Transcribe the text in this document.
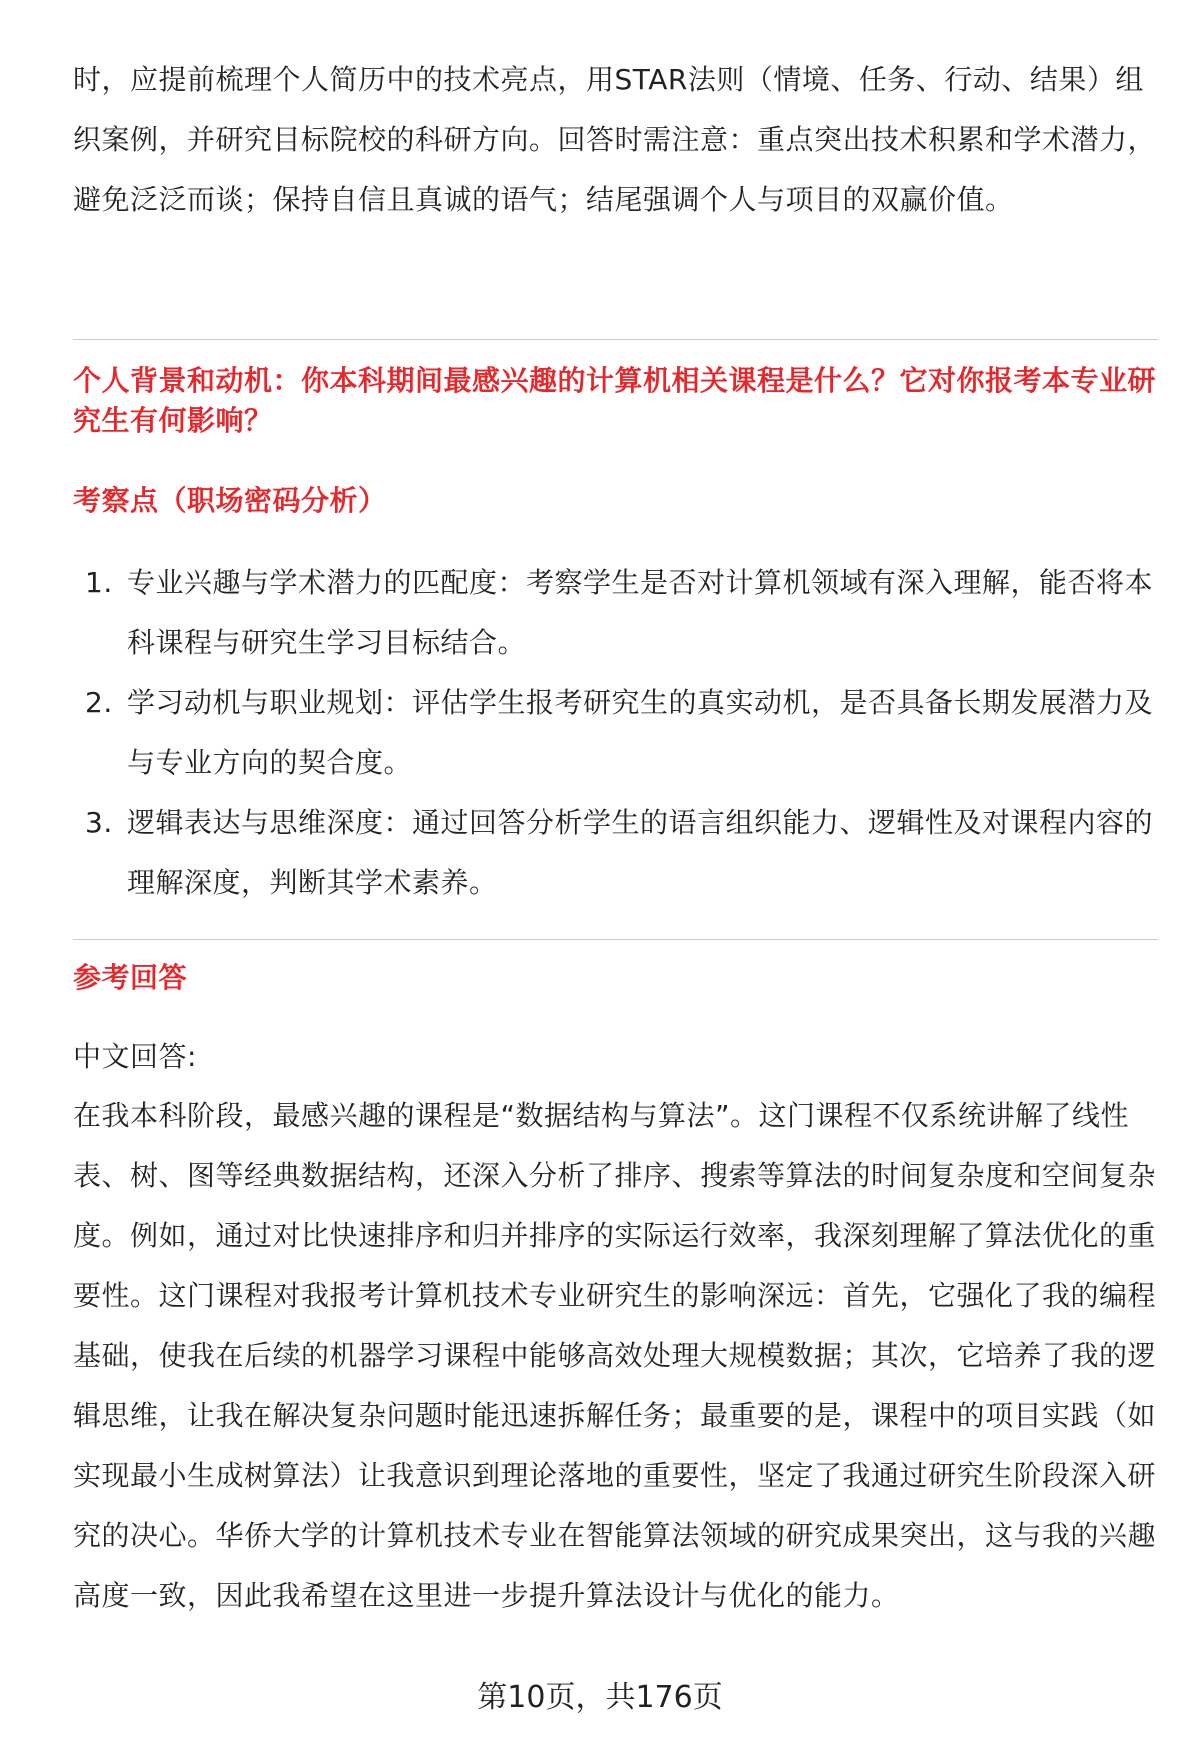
时，应提前梳理个人简历中的技术亮点，用STAR法则（情境、任务、行动、结果）组织案例，并研究目标院校的科研方向。回答时需注意：重点突出技术积累和学术潜力，避免泛泛而谈；保持自信且真诚的语气；结尾强调个人与项目的双赢价值。
个人背景和动机：你本科期间最感兴趣的计算机相关课程是什么？它对你报考本专业研究生有何影响？
考察点（职场密码分析）
1. 专业兴趣与学术潜力的匹配度：考察学生是否对计算机领域有深入理解，能否将本科课程与研究生学习目标结合。
2. 学习动机与职业规划：评估学生报考研究生的真实动机，是否具备长期发展潜力及与专业方向的契合度。
3. 逻辑表达与思维深度：通过回答分析学生的语言组织能力、逻辑性及对课程内容的理解深度，判断其学术素养。
参考回答
中文回答:
在我本科阶段，最感兴趣的课程是“数据结构与算法”。这门课程不仅系统讲解了线性表、树、图等经典数据结构，还深入分析了排序、搜索等算法的时间复杂度和空间复杂度。例如，通过对比快速排序和归并排序的实际运行效率，我深刻理解了算法优化的重要性。这门课程对我报考计算机技术专业研究生的影响深远：首先，它强化了我的编程基础，使我在后续的机器学习课程中能够高效处理大规模数据；其次，它培养了我的逻辑思维，让我在解决复杂问题时能迅速拆解任务；最重要的是，课程中的项目实践（如实现最小生成树算法）让我意识到理论落地的重要性，坚定了我通过研究生阶段深入研究的决心。华侨大学的计算机技术专业在智能算法领域的研究成果突出，这与我的兴趣高度一致，因此我希望在这里进一步提升算法设计与优化的能力。
第10页，共176页
